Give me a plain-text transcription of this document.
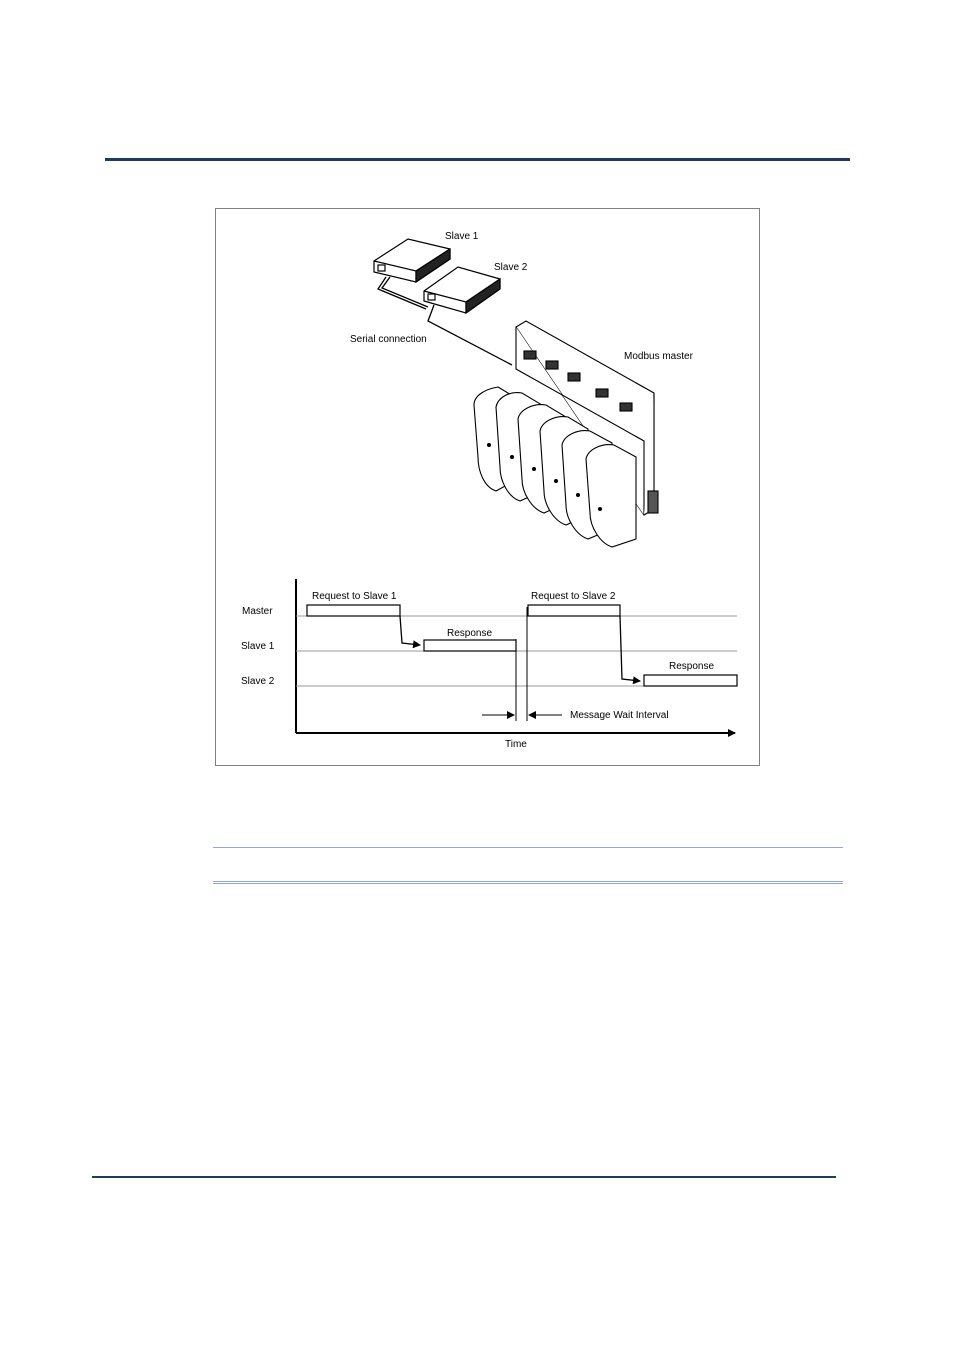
Slave 1
Slave 2
Serial connection
Modbus master
Master
Slave 1
Slave 2
Request to Slave 1
Response
Request to Slave 2
Response
Message Wait Interval
Time
